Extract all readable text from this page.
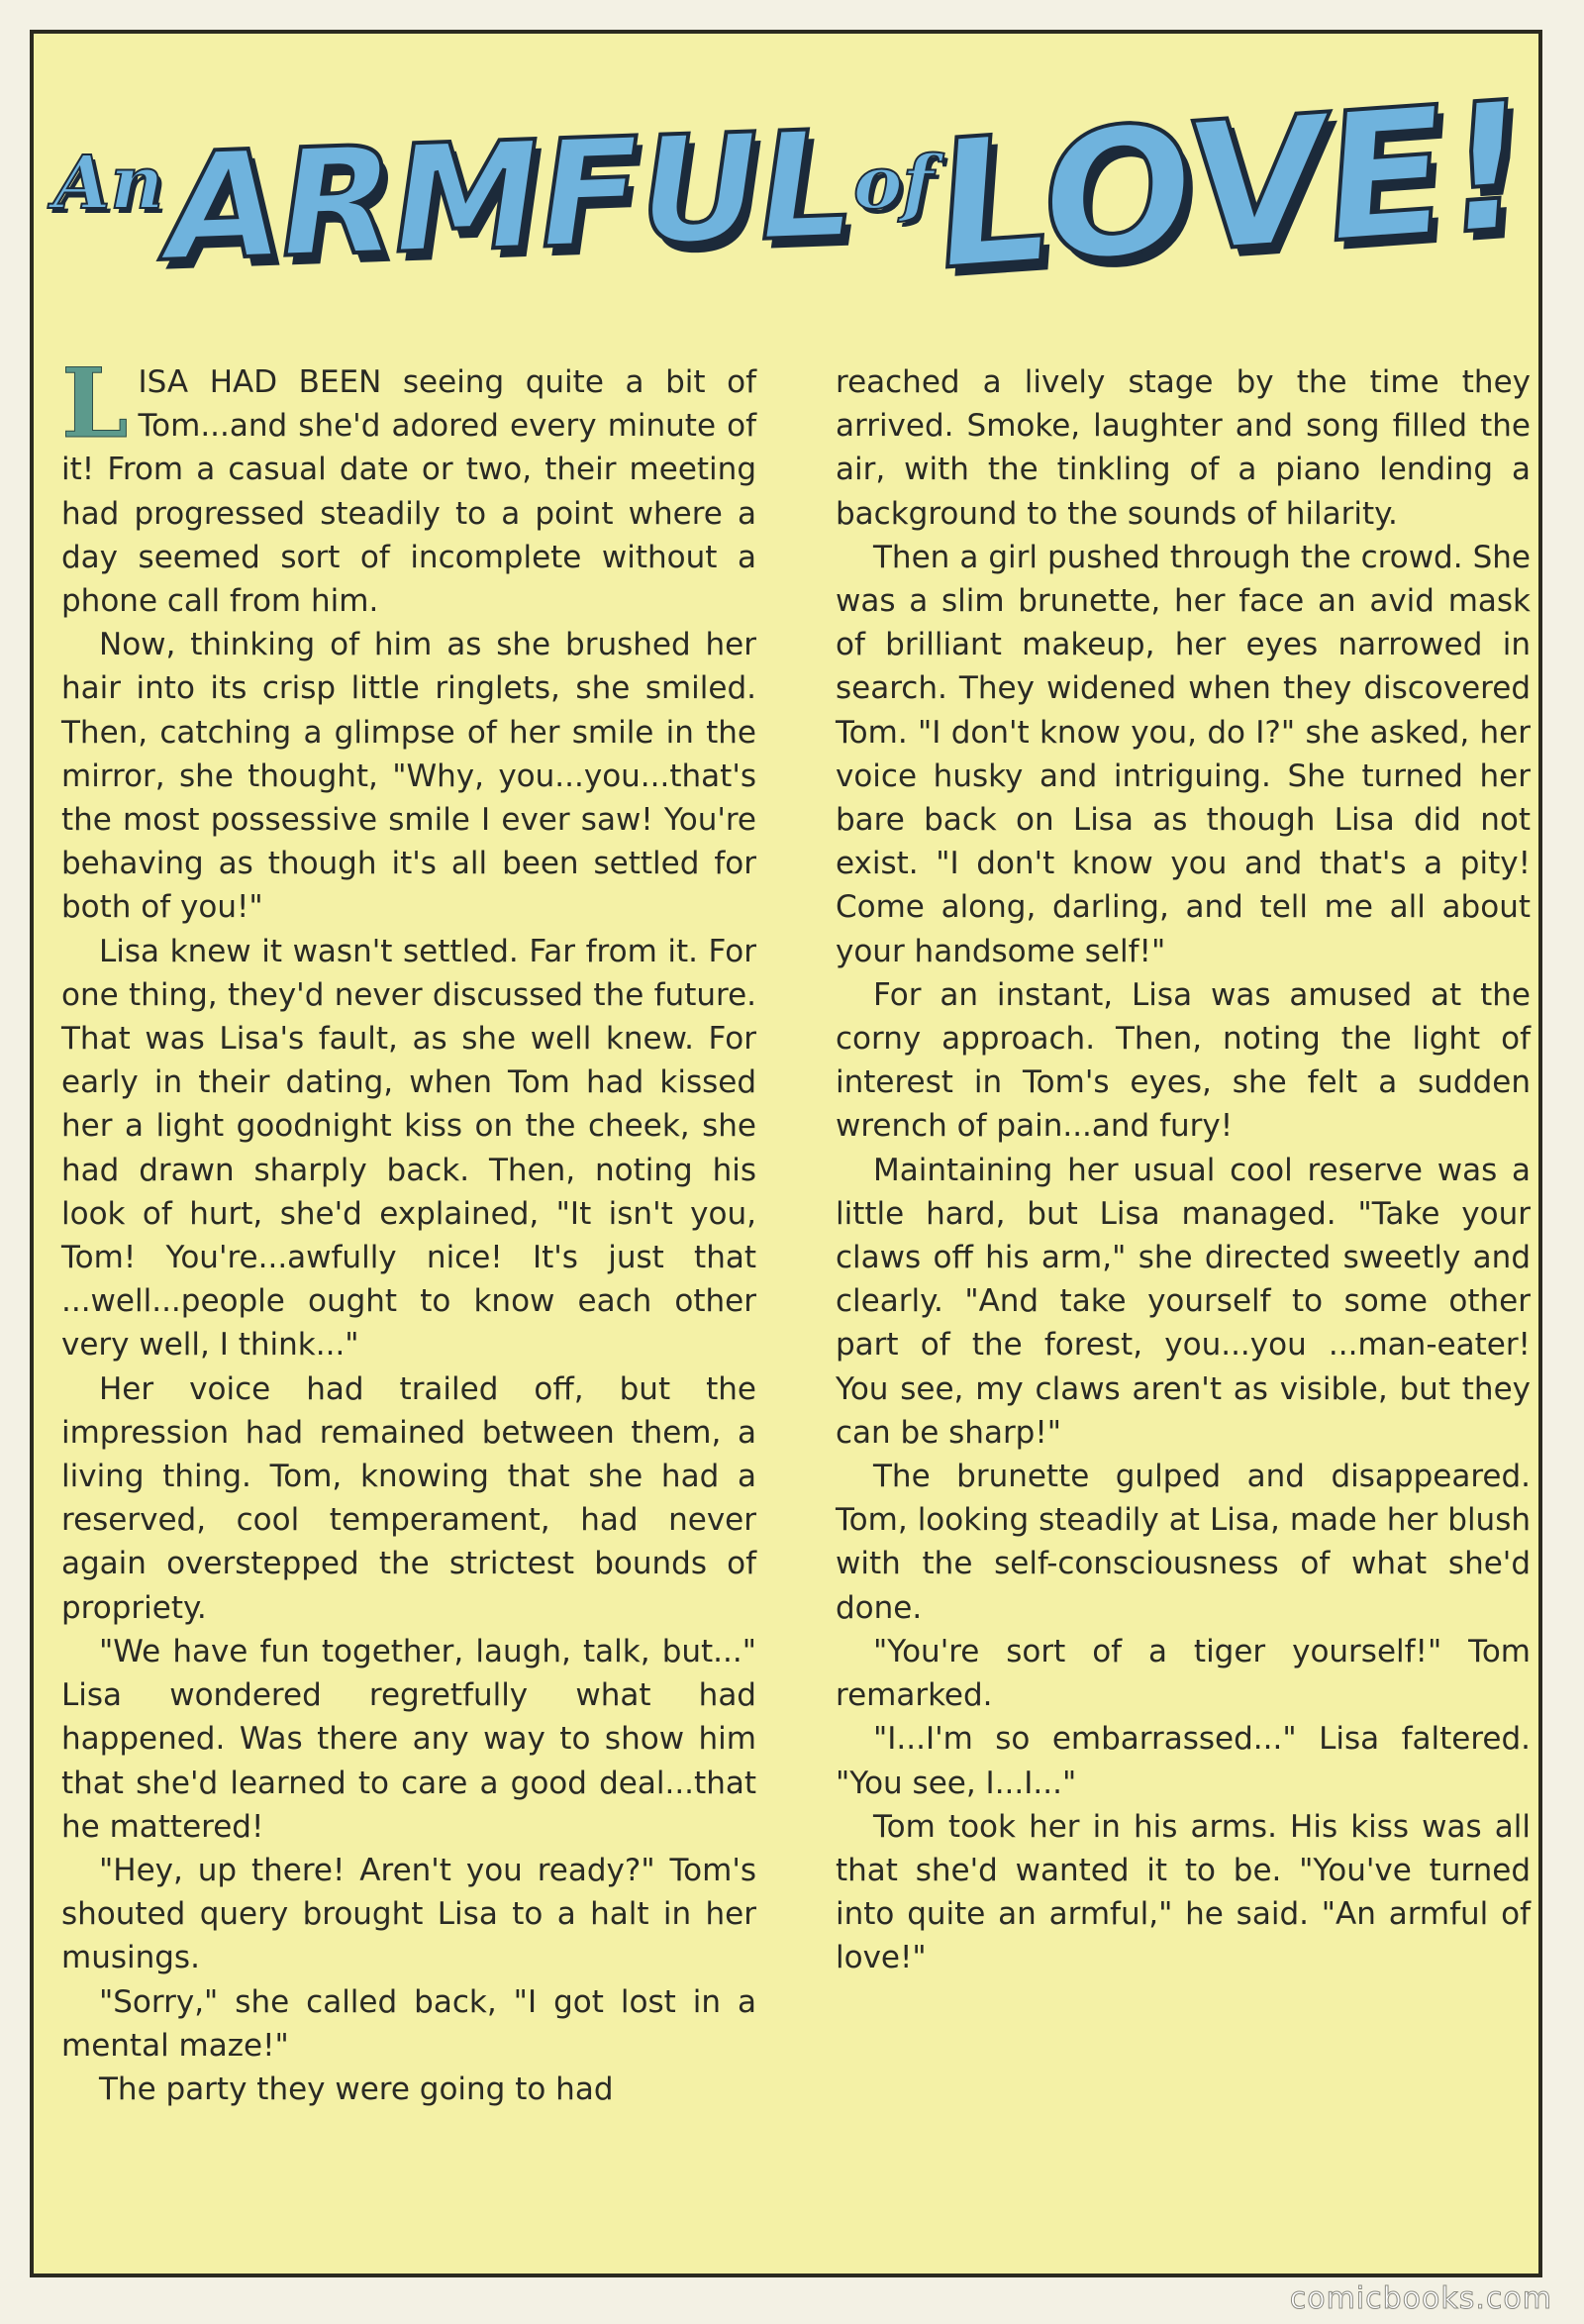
AnARMFULofLOVE!

LISA HAD BEEN seeing quite a bit of Tom...and she'd adored every minute of it! From a casual date or two, their meeting had progressed steadily to a point where a day seemed sort of incomplete without a phone call from him.

Now, thinking of him as she brushed her hair into its crisp little ringlets, she smiled. Then, catching a glimpse of her smile in the mirror, she thought, "Why, you...you...that's the most possessive smile I ever saw! You're behaving as though it's all been settled for both of you!"

Lisa knew it wasn't settled. Far from it. For one thing, they'd never discussed the future. That was Lisa's fault, as she well knew. For early in their dating, when Tom had kissed her a light goodnight kiss on the cheek, she had drawn sharply back. Then, noting his look of hurt, she'd explained, "It isn't you, Tom! You're...awfully nice! It's just that ...well...people ought to know each other very well, I think..."

Her voice had trailed off, but the impression had remained between them, a living thing. Tom, knowing that she had a reserved, cool temperament, had never again overstepped the strictest bounds of propriety.

"We have fun together, laugh, talk, but..." Lisa wondered regretfully what had happened. Was there any way to show him that she'd learned to care a good deal...that he mattered!

"Hey, up there! Aren't you ready?" Tom's shouted query brought Lisa to a halt in her musings.

"Sorry," she called back, "I got lost in a mental maze!"

The party they were going to had

reached a lively stage by the time they arrived. Smoke, laughter and song filled the air, with the tinkling of a piano lending a background to the sounds of hilarity.

Then a girl pushed through the crowd. She was a slim brunette, her face an avid mask of brilliant makeup, her eyes narrowed in search. They widened when they discovered Tom. "I don't know you, do I?" she asked, her voice husky and intriguing. She turned her bare back on Lisa as though Lisa did not exist. "I don't know you and that's a pity! Come along, darling, and tell me all about your handsome self!"

For an instant, Lisa was amused at the corny approach. Then, noting the light of interest in Tom's eyes, she felt a sudden wrench of pain...and fury!

Maintaining her usual cool reserve was a little hard, but Lisa managed. "Take your claws off his arm," she directed sweetly and clearly. "And take yourself to some other part of the forest, you...you ...man-eater! You see, my claws aren't as visible, but they can be sharp!"

The brunette gulped and disappeared. Tom, looking steadily at Lisa, made her blush with the self-consciousness of what she'd done.

"You're sort of a tiger yourself!" Tom remarked.

"I...I'm so embarrassed..." Lisa faltered. "You see, I...I..."

Tom took her in his arms. His kiss was all that she'd wanted it to be. "You've turned into quite an armful," he said. "An armful of love!"

comicbooks.com
